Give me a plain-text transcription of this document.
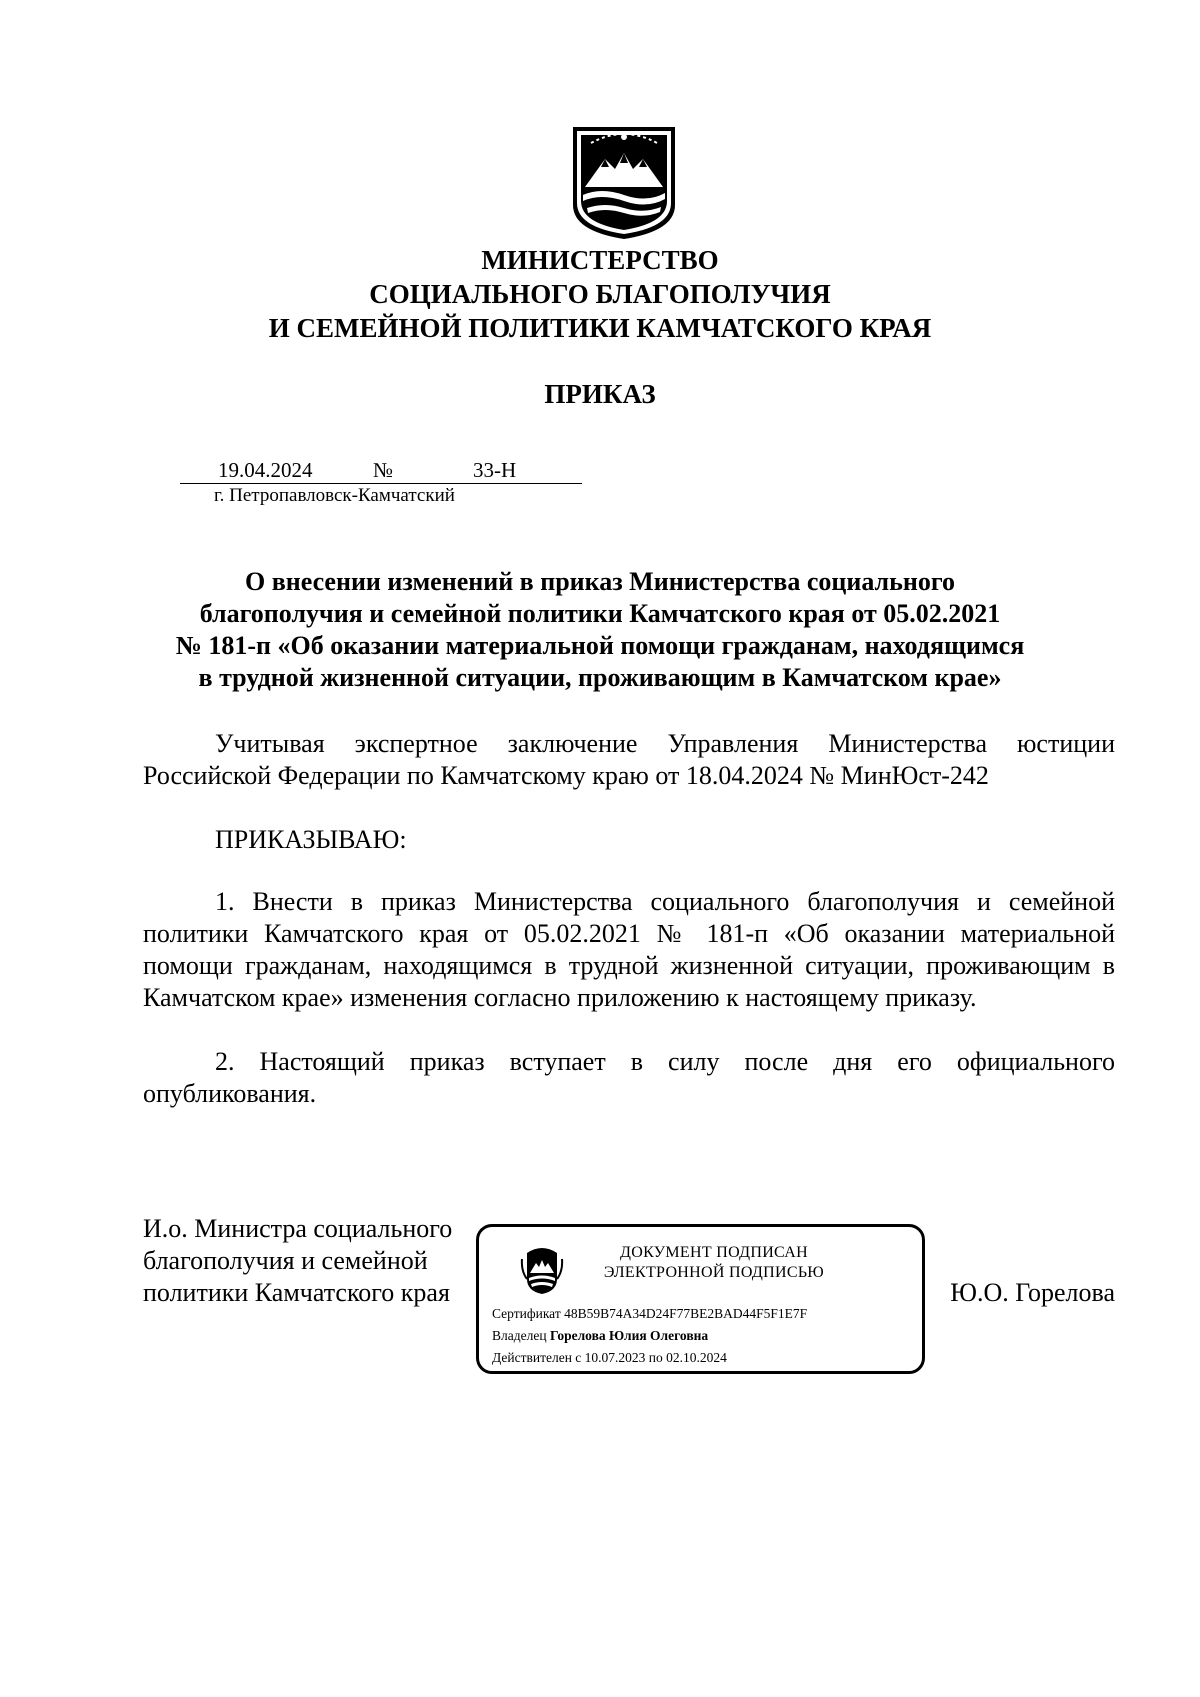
МИНИСТЕРСТВО
СОЦИАЛЬНОГО БЛАГОПОЛУЧИЯ
И СЕМЕЙНОЙ ПОЛИТИКИ КАМЧАТСКОГО КРАЯ
ПРИКАЗ
19.04.2024	№	33-Н
г. Петропавловск-Камчатский
О внесении изменений в приказ Министерства социального
благополучия и семейной политики Камчатского края от 05.02.2021
№ 181-п «Об оказании материальной помощи гражданам, находящимся
в трудной жизненной ситуации, проживающим в Камчатском крае»
Учитывая экспертное заключение Управления Министерства юстиции Российской Федерации по Камчатскому краю от 18.04.2024 № МинЮст-242
ПРИКАЗЫВАЮ:
1. Внести в приказ Министерства социального благополучия и семейной политики Камчатского края от 05.02.2021 № 181-п «Об оказании материальной помощи гражданам, находящимся в трудной жизненной ситуации, проживающим в Камчатском крае» изменения согласно приложению к настоящему приказу.
2. Настоящий приказ вступает в силу после дня его официального опубликования.
И.о. Министра социального
благополучия и семейной
политики Камчатского края	Ю.О. Горелова
ДОКУМЕНТ ПОДПИСАН
ЭЛЕКТРОННОЙ ПОДПИСЬЮ
Сертификат 48B59B74A34D24F77BE2BAD44F5F1E7F
Владелец Горелова Юлия Олеговна
Действителен с 10.07.2023 по 02.10.2024
